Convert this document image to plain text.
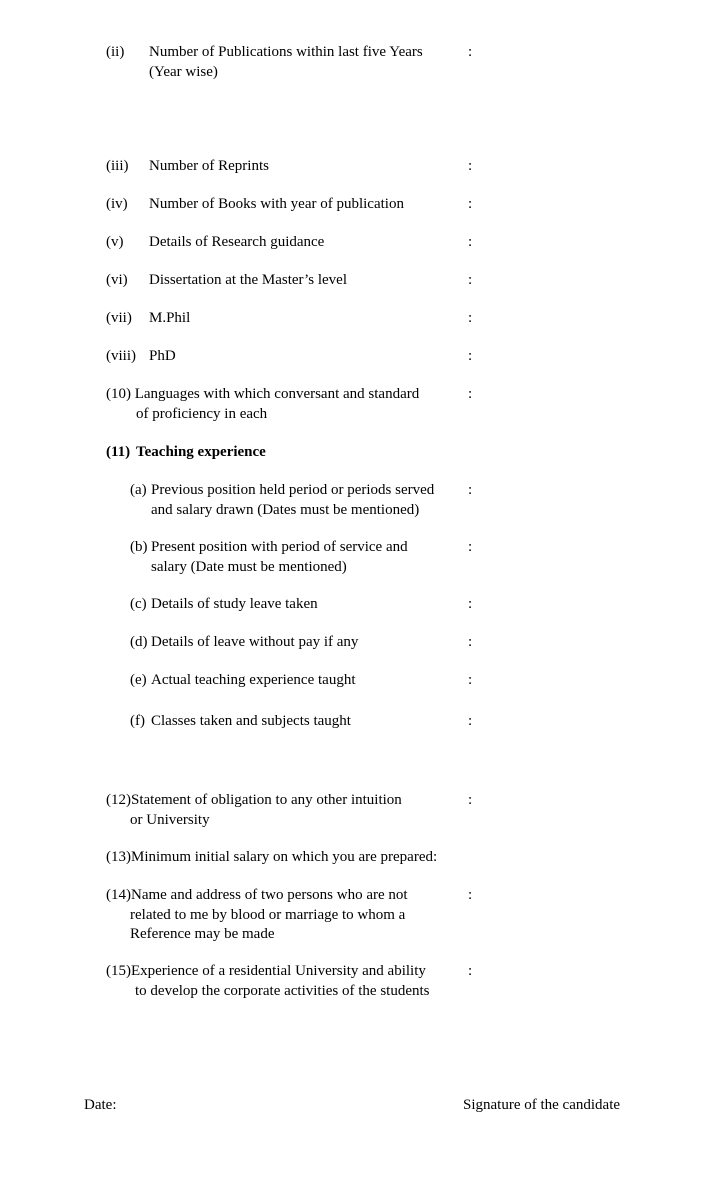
(ii) Number of Publications within last five Years
(Year wise)
:
(iii) Number of Reprints	:
(iv) Number of Books with year of publication	:
(v) Details of Research guidance	:
(vi) Dissertation at the Master’s level	:
(vii) M.Phil	:
(viii) PhD	:
(10) Languages with which conversant and standard
of proficiency in each
:
(11) Teaching experience
(a) Previous position held period or periods served
and salary drawn (Dates must be mentioned)
:
(b) Present position with period of service and
salary (Date must be mentioned)
:
(c) Details of study leave taken	:
(d) Details of leave without pay if any	:
(e) Actual teaching experience taught	:
(f) Classes taken and subjects taught	:
(12)Statement of obligation to any other intuition
or University
:
(13)Minimum initial salary on which you are prepared:
(14)Name and address of two persons who are not
related to me by blood or marriage to whom a
Reference may be made
:
(15)Experience of a residential University and ability
to develop the corporate activities of the students
:
Date:	Signature of the candidate
